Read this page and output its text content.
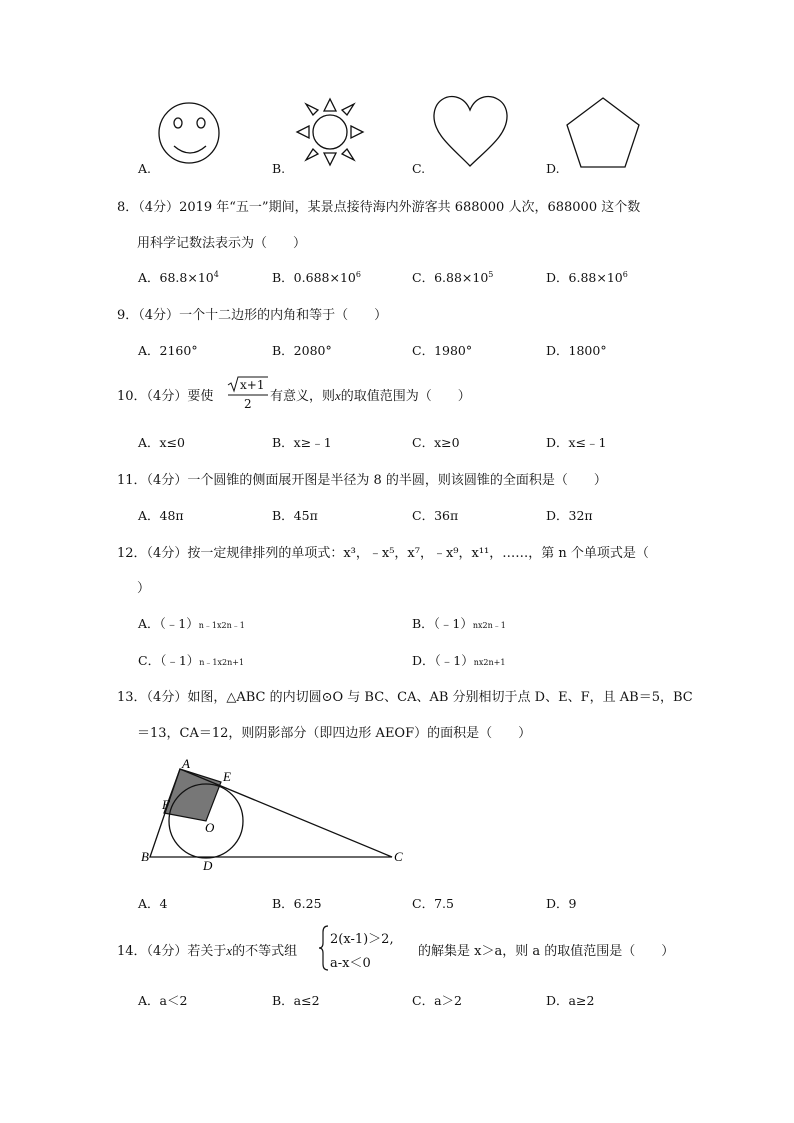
A.	B.	C.	D.
8．（4分）2019 年“五一”期间，某景点接待海内外游客共 688000 人次，688000 这个数
用科学记数法表示为（　　）
A．$68.8\times 10^4$	B．$0.688\times 10^6$	C．$6.88\times 10^5$	D．$6.88\times 10^6$
9．（4分）一个十二边形的内角和等于（　　）
A．2160°	B．2080°	C．1980°	D．1800°
10．（4分）要使
x+1
2 有意义，则x的取值范围为（　　）
A．x≤0	B．x≥﹣1	C．x≥0	D．x≤﹣1
11．（4分）一个圆锥的侧面展开图是半径为 8 的半圆，则该圆锥的全面积是（　　）
A．48π	B．45π	C．36π	D．32π
12．（4分）按一定规律排列的单项式：x³，﹣x⁵，x⁷，﹣x⁹，x¹¹，……，第 n 个单项式是（
）
A．（﹣1）n﹣1x2n﹣1	B．（﹣1）nx2n﹣1
C．（﹣1）n﹣1x2n+1	D．（﹣1）nx2n+1
13．（4分）如图，△ABC 的内切圆⊙O 与 BC、CA、AB 分别相切于点 D、E、F，且 AB＝5，BC
＝13，CA＝12，则阴影部分（即四边形 AEOF）的面积是（　　）
A
E
F
O
B
D
C
A．4	B．6.25	C．7.5	D．9
14．（4分）若关于x的不等式组
2(x-1)＞2,
a-x＜0
的解集是 x＞a，则 a 的取值范围是（　　）
A．a＜2	B．a≤2	C．a＞2	D．a≥2
